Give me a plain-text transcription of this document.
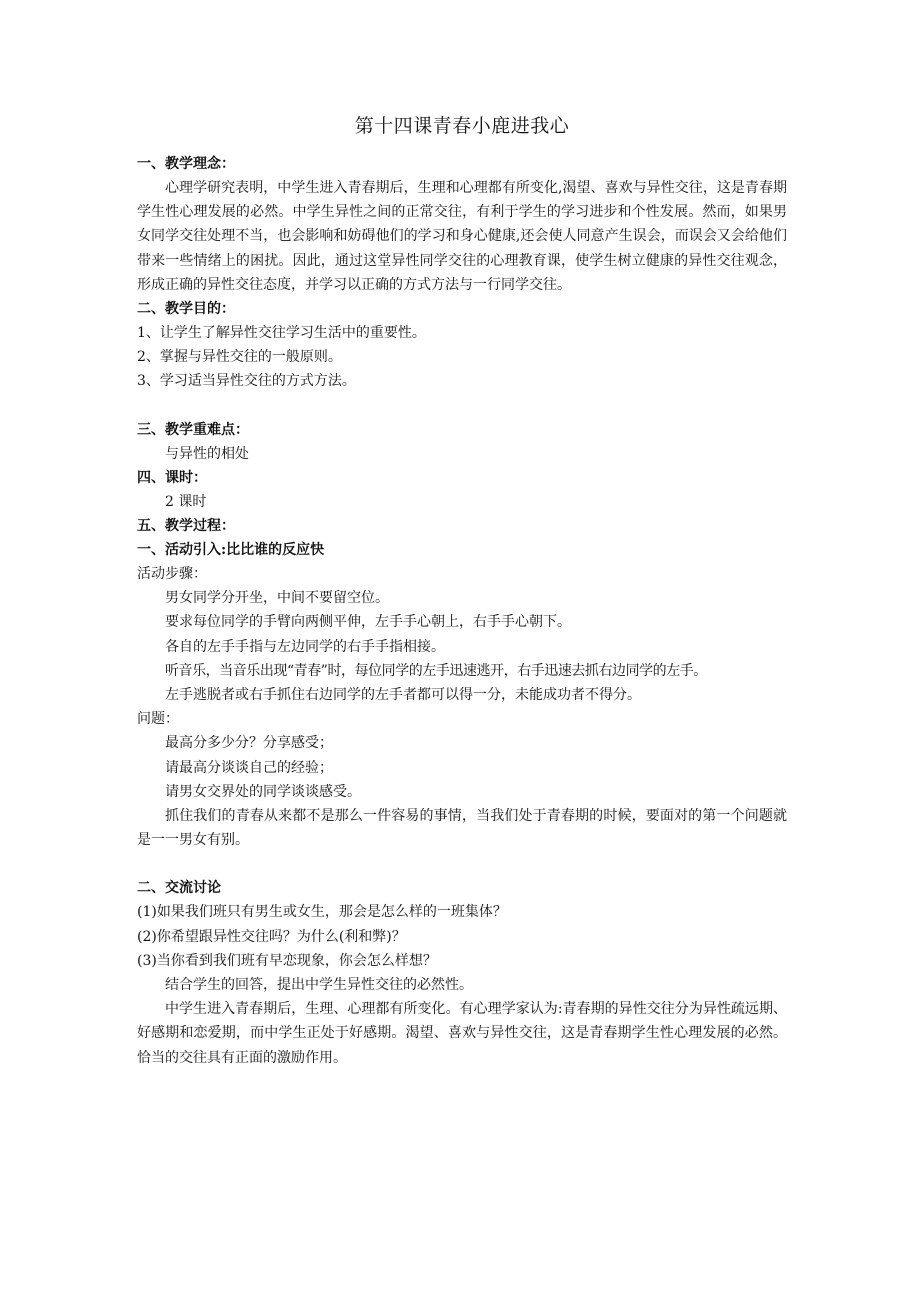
第十四课青春小鹿进我心

一、教学理念：

心理学研究表明，中学生进入青春期后，生理和心理都有所变化,渴望、喜欢与异性交往，这是青春期学生性心理发展的必然。中学生异性之间的正常交往，有利于学生的学习进步和个性发展。然而，如果男女同学交往处理不当，也会影响和妨碍他们的学习和身心健康,还会使人同意产生误会，而误会又会给他们带来一些情绪上的困扰。因此，通过这堂异性同学交往的心理教育课，使学生树立健康的异性交往观念，形成正确的异性交往态度，并学习以正确的方式方法与一行同学交往。

二、教学目的：

1、让学生了解异性交往学习生活中的重要性。

2、掌握与异性交往的一般原则。

3、学习适当异性交往的方式方法。

三、教学重难点：

与异性的相处

四、课时：

2 课时

五、教学过程：

一、活动引入:比比谁的反应快

活动步骤：

男女同学分开坐，中间不要留空位。

要求每位同学的手臂向两侧平伸，左手手心朝上，右手手心朝下。

各自的左手手指与左边同学的右手手指相接。

听音乐，当音乐出现“青春”时，每位同学的左手迅速逃开，右手迅速去抓右边同学的左手。

左手逃脱者或右手抓住右边同学的左手者都可以得一分，未能成功者不得分。

问题：

最高分多少分？分享感受；

请最高分谈谈自己的经验；

请男女交界处的同学谈谈感受。

抓住我们的青春从来都不是那么一件容易的事情，当我们处于青春期的时候，要面对的第一个问题就是一一男女有别。

二、交流讨论

(1)如果我们班只有男生或女生，那会是怎么样的一班集体？

(2)你希望跟异性交往吗？为什么(利和弊)？

(3)当你看到我们班有早恋现象，你会怎么样想？

结合学生的回答，提出中学生异性交往的必然性。

中学生进入青春期后，生理、心理都有所变化。有心理学家认为:青春期的异性交往分为异性疏远期、好感期和恋爱期，而中学生正处于好感期。渴望、喜欢与异性交往，这是青春期学生性心理发展的必然。恰当的交往具有正面的激励作用。
